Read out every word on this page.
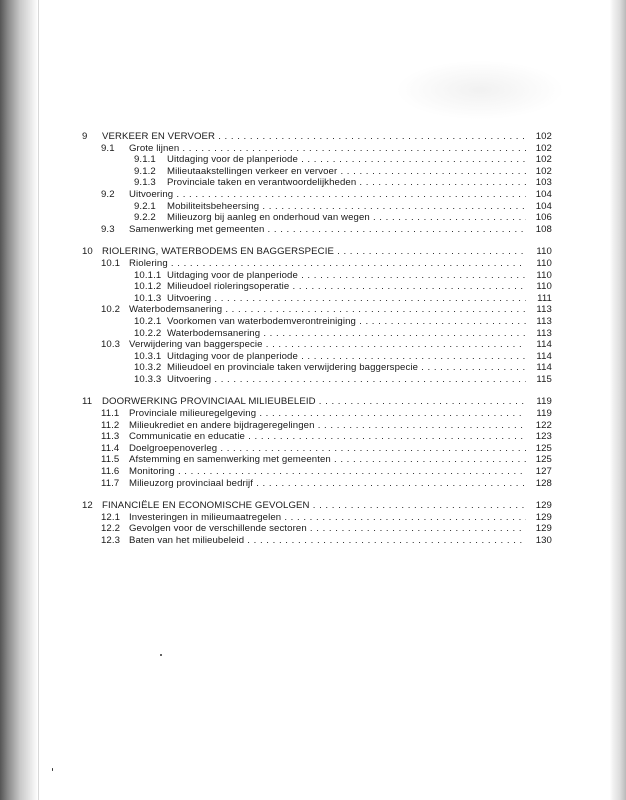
9 VERKEER EN VERVOER . . .	102
9.1 Grote lijnen . . .	102
9.1.1 Uitdaging voor de planperiode . . .	102
9.1.2 Milieutaakstellingen verkeer en vervoer . . .	102
9.1.3 Provinciale taken en verantwoordelijkheden . . .	103
9.2 Uitvoering . . .	104
9.2.1 Mobiliteitsbeheersing . . .	104
9.2.2 Milieuzorg bij aanleg en onderhoud van wegen . . .	106
9.3 Samenwerking met gemeenten . . .	108
10 RIOLERING, WATERBODEMS EN BAGGERSPECIE . . .	110
10.1 Riolering . . .	110
10.1.1 Uitdaging voor de planperiode . . .	110
10.1.2 Milieudoel rioleringsoperatie . . .	110
10.1.3 Uitvoering . . .	111
10.2 Waterbodemsanering . . .	113
10.2.1 Voorkomen van waterbodemverontreiniging . . .	113
10.2.2 Waterbodemsanering . . .	113
10.3 Verwijdering van baggerspecie . . .	114
10.3.1 Uitdaging voor de planperiode . . .	114
10.3.2 Milieudoel en provinciale taken verwijdering baggerspecie . . .	114
10.3.3 Uitvoering . . .	115
11 DOORWERKING PROVINCIAAL MILIEUBELEID . . .	119
11.1 Provinciale milieuregelgeving . . .	119
11.2 Milieukrediet en andere bijdrageregelingen . . .	122
11.3 Communicatie en educatie . . .	123
11.4 Doelgroepenoverleg . . .	125
11.5 Afstemming en samenwerking met gemeenten . . .	125
11.6 Monitoring . . .	127
11.7 Milieuzorg provinciaal bedrijf . . .	128
12 FINANCIËLE EN ECONOMISCHE GEVOLGEN . . .	129
12.1 Investeringen in milieumaatregelen . . .	129
12.2 Gevolgen voor de verschillende sectoren . . .	129
12.3 Baten van het milieubeleid . . .	130
